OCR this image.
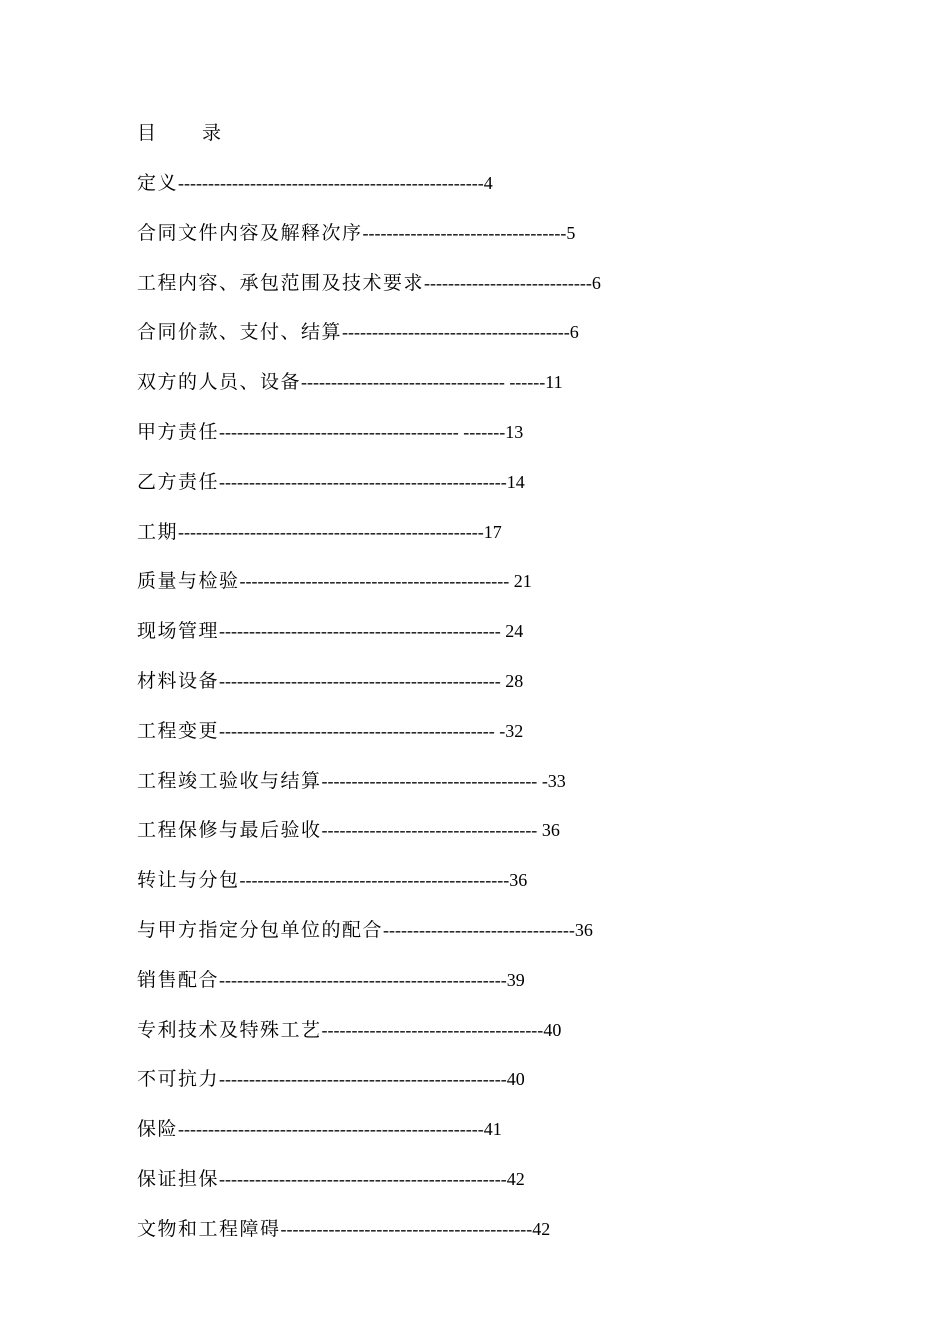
目 录
定义---------------------------------------------------4
合同文件内容及解释次序----------------------------------5
工程内容、承包范围及技术要求----------------------------6
合同价款、支付、结算--------------------------------------6
双方的人员、设备---------------------------------- ------11
甲方责任---------------------------------------- -------13
乙方责任------------------------------------------------14
工期---------------------------------------------------17
质量与检验--------------------------------------------- 21
现场管理----------------------------------------------- 24
材料设备----------------------------------------------- 28
工程变更---------------------------------------------- -32
工程竣工验收与结算------------------------------------ -33
工程保修与最后验收------------------------------------ 36
转让与分包---------------------------------------------36
与甲方指定分包单位的配合--------------------------------36
销售配合------------------------------------------------39
专利技术及特殊工艺-------------------------------------40
不可抗力------------------------------------------------40
保险---------------------------------------------------41
保证担保------------------------------------------------42
文物和工程障碍------------------------------------------42
